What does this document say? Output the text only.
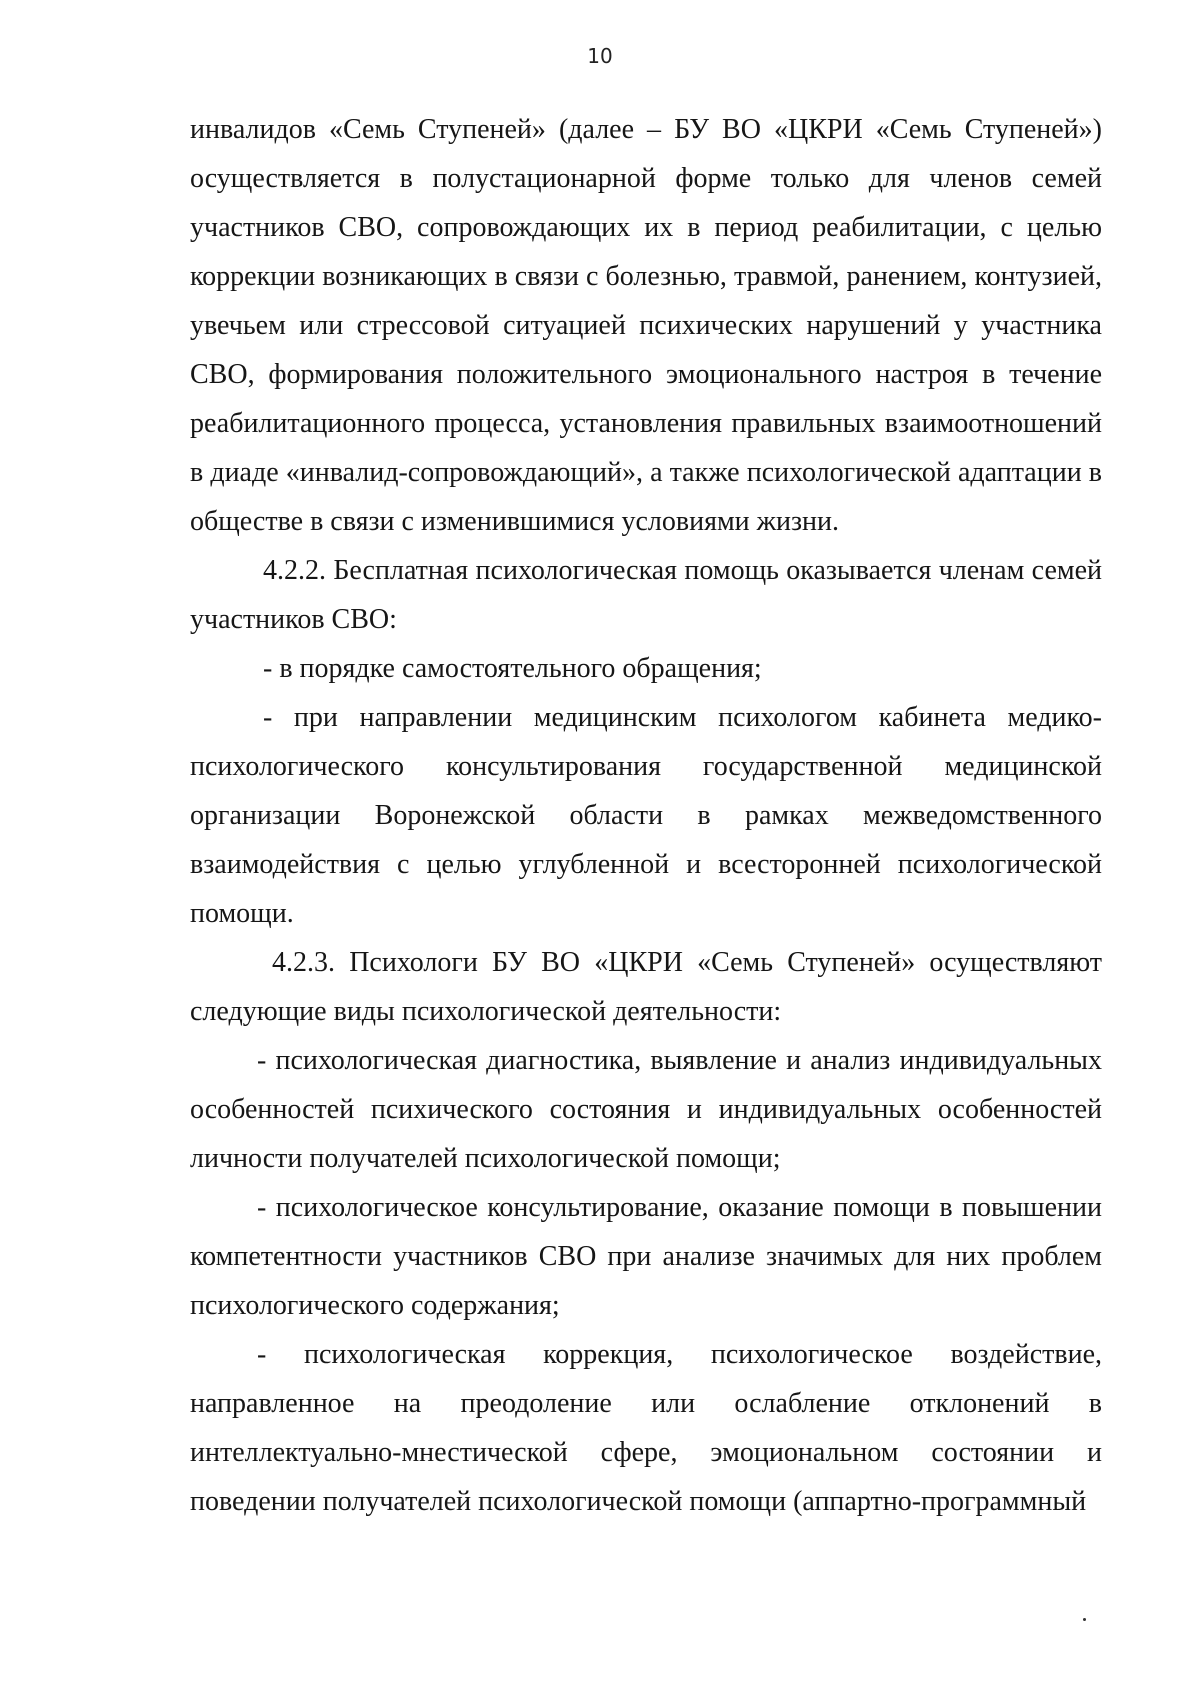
10

инвалидов «Семь Ступеней» (далее – БУ ВО «ЦКРИ «Семь Ступеней») осуществляется в полустационарной форме только для членов семей участников СВО, сопровождающих их в период реабилитации, с целью коррекции возникающих в связи с болезнью, травмой, ранением, контузией, увечьем или стрессовой ситуацией психических нарушений у участника СВО, формирования положительного эмоционального настроя в течение реабилитационного процесса, установления правильных взаимоотношений в диаде «инвалид-сопровождающий», а также психологической адаптации в обществе в связи с изменившимися условиями жизни.

4.2.2. Бесплатная психологическая помощь оказывается членам семей участников СВО:

- в порядке самостоятельного обращения;

- при направлении медицинским психологом кабинета медико-психологического консультирования государственной медицинской организации Воронежской области в рамках межведомственного взаимодействия с целью углубленной и всесторонней психологической помощи.

4.2.3. Психологи БУ ВО «ЦКРИ «Семь Ступеней» осуществляют следующие виды психологической деятельности:

- психологическая диагностика, выявление и анализ индивидуальных особенностей психического состояния и индивидуальных особенностей личности получателей психологической помощи;

- психологическое консультирование, оказание помощи в повышении компетентности участников СВО при анализе значимых для них проблем психологического содержания;

- психологическая коррекция, психологическое воздействие, направленное на преодоление или ослабление отклонений в интеллектуально-мнестической сфере, эмоциональном состоянии и поведении получателей психологической помощи (аппартно-программный
